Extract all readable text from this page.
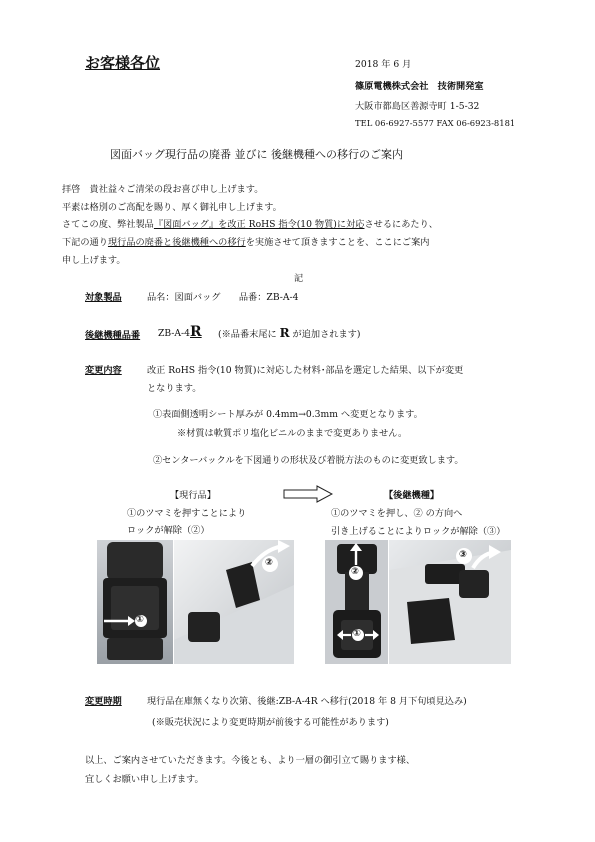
お客様各位	2018 年 6 月
篠原電機株式会社　技術開発室
大阪市都島区善源寺町 1-5-32
TEL 06-6927-5577 FAX 06-6923-8181
図面バッグ現行品の廃番 並びに 後継機種への移行のご案内
拝啓　貴社益々ご清栄の段お喜び申し上げます。
平素は格別のご高配を賜り、厚く御礼申し上げます。
さてこの度、弊社製品『図面バッグ』を改正 RoHS 指令(10 物質)に対応させるにあたり、
下記の通り現行品の廃番と後継機種への移行を実施させて頂きますことを、ここにご案内
申し上げます。
記
対象製品	品名：図面バッグ　　品番：ZB-A-4
後継機種品番 ZB-A-4R (※品番末尾に R が追加されます)
変更内容	改正 RoHS 指令(10 物質)に対応した材料･部品を選定した結果、以下が変更
となります。
①表面側透明シート厚みが 0.4mm→0.3mm へ変更となります。
※材質は軟質ポリ塩化ビニルのままで変更ありません。
②センターバックルを下図通りの形状及び着脱方法のものに変更致します。
【現行品】	【後継機種】
①のツマミを押すことにより
ロックが解除（②）
①のツマミを押し、② の方向へ
引き上げることによりロックが解除（③）
①
②
②
①
③
変更時期	現行品在庫無くなり次第、後継:ZB-A-4R へ移行(2018 年 8 月下旬頃見込み)
(※販売状況により変更時期が前後する可能性があります)
以上、ご案内させていただきます。今後とも、より一層の御引立て賜ります様、
宜しくお願い申し上げます。
